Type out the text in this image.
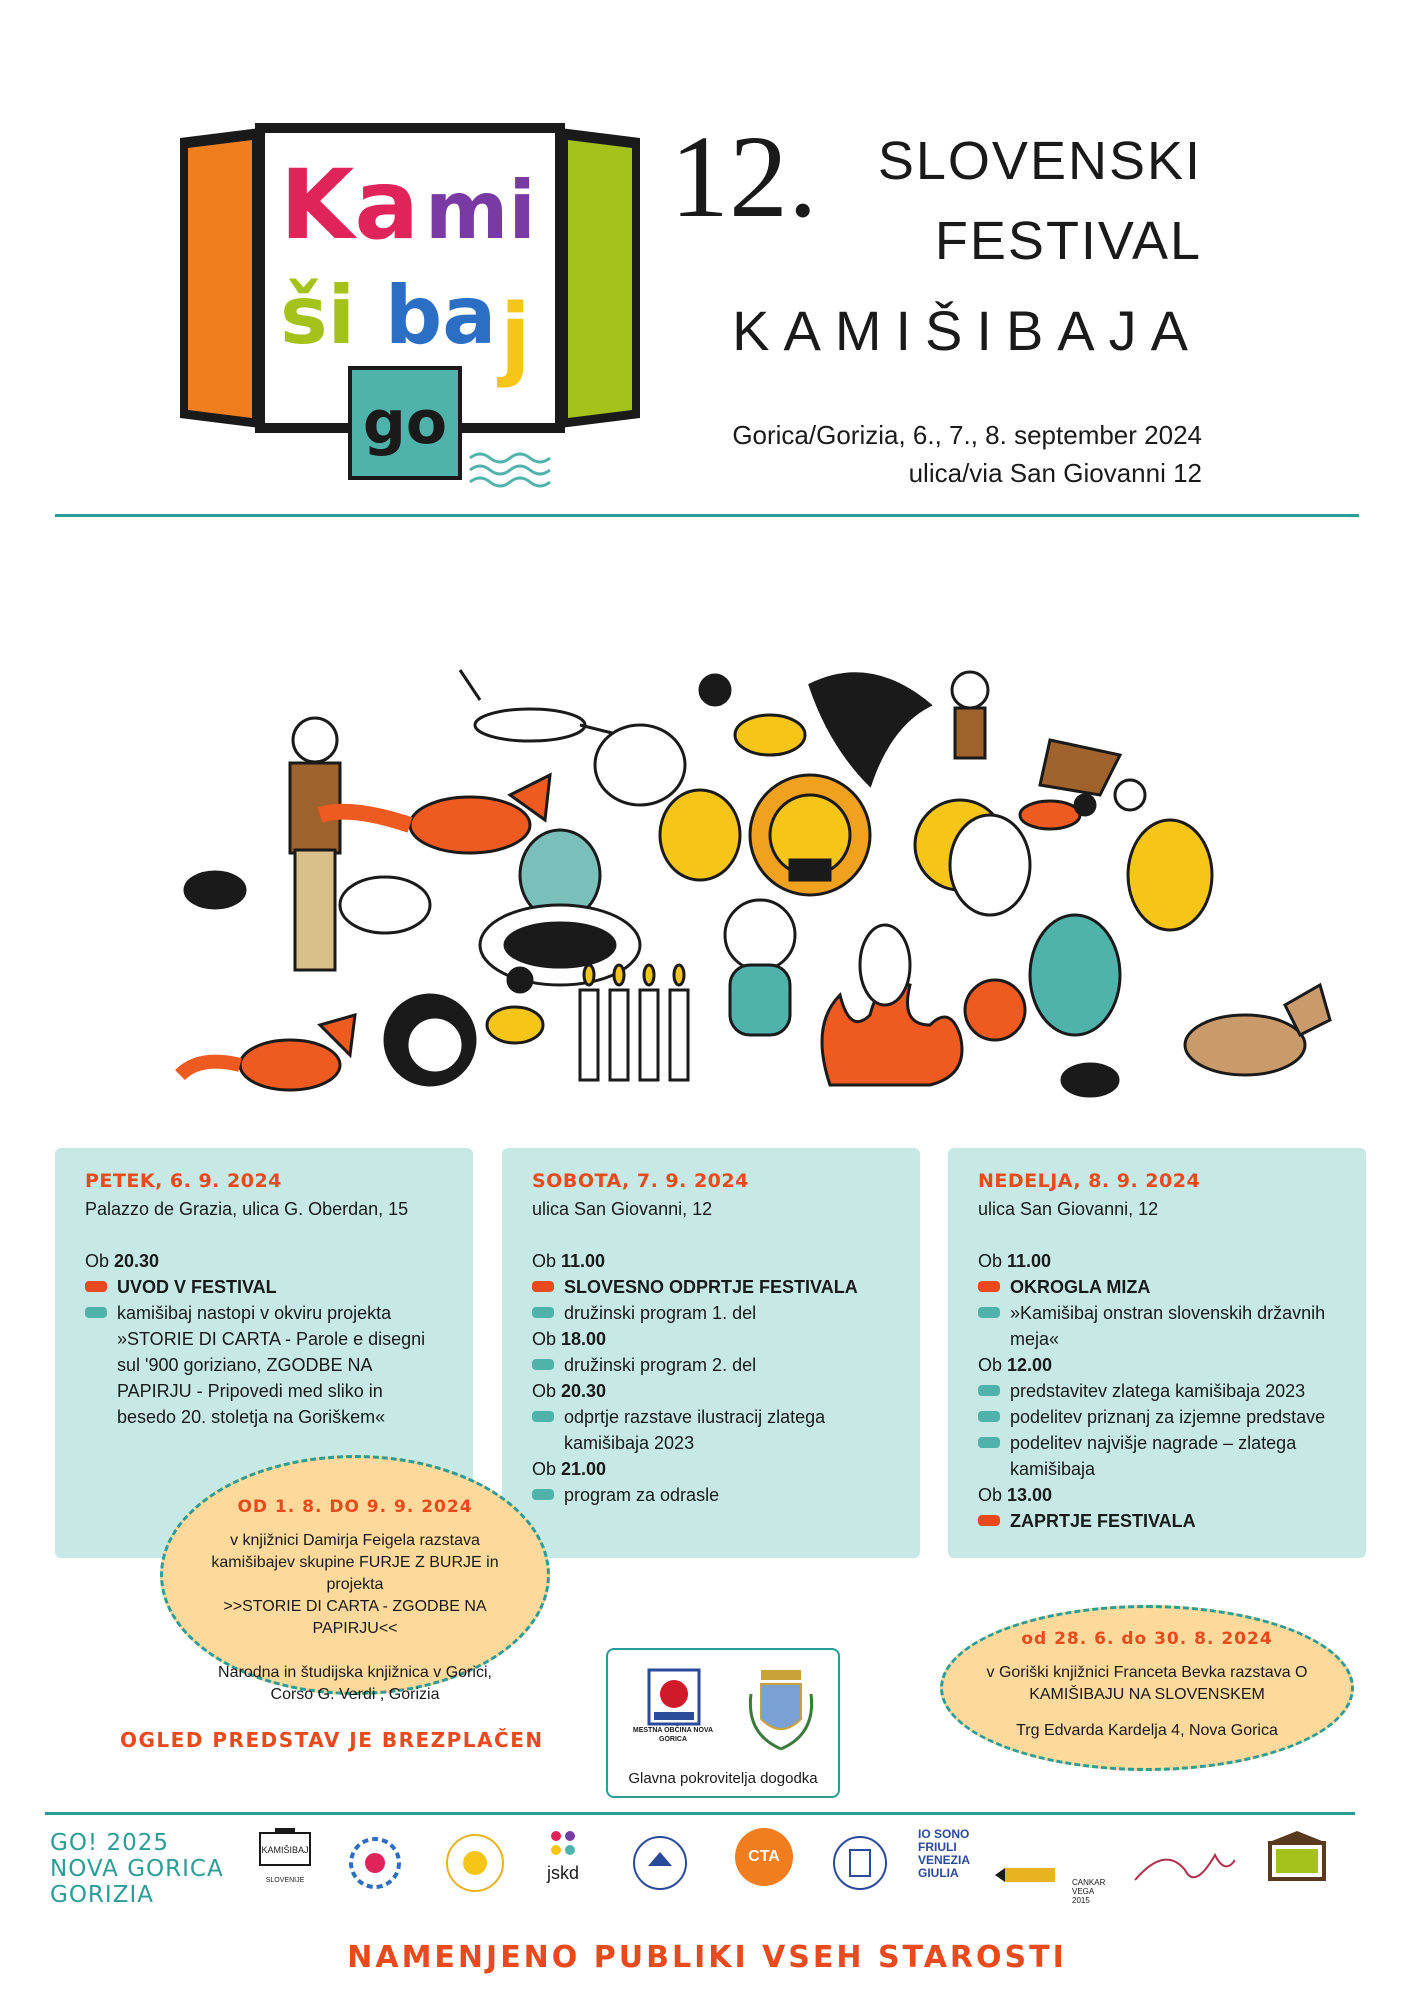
go
Ka mi
ši ba j
12.	SLOVENSKI
FESTIVAL
KAMIŠIBAJA
Gorica/Gorizia, 6., 7., 8. september 2024
ulica/via San Giovanni 12
PETEK, 6. 9. 2024
Palazzo de Grazia, ulica G. Oberdan, 15
Ob 20.30
UVOD V FESTIVAL
kamišibaj nastopi v okviru projekta »STORIE DI CARTA - Parole e disegni sul '900 goriziano, ZGODBE NA PAPIRJU - Pripovedi med sliko in besedo 20. stoletja na Goriškem«
SOBOTA, 7. 9. 2024
ulica San Giovanni, 12
Ob 11.00
SLOVESNO ODPRTJE FESTIVALA
družinski program 1. del
Ob 18.00
družinski program 2. del
Ob 20.30
odprtje razstave ilustracij zlatega kamišibaja 2023
Ob 21.00
program za odrasle
NEDELJA, 8. 9. 2024
ulica San Giovanni, 12
Ob 11.00
OKROGLA MIZA
»Kamišibaj onstran slovenskih državnih meja«
Ob 12.00
predstavitev zlatega kamišibaja 2023
podelitev priznanj za izjemne predstave
podelitev najvišje nagrade – zlatega kamišibaja
Ob 13.00
ZAPRTJE FESTIVALA
OD 1. 8. DO 9. 9. 2024
v knjižnici Damirja Feigela razstava kamišibajev skupine FURJE Z BURJE in projekta
>>STORIE DI CARTA - ZGODBE NA PAPIRJU<<
Narodna in študijska knjižnica v Gorici, Corso G. Verdi , Gorizia
od 28. 6. do 30. 8. 2024
v Goriški knjižnici Franceta Bevka razstava O KAMIŠIBAJU NA SLOVENSKEM
Trg Edvarda Kardelja 4, Nova Gorica
OGLED PREDSTAV JE BREZPLAČEN	MESTNA OBČINA NOVA GORICA
Glavna pokrovitelja dogodka
GO! 2025
NOVA GORICA
GORIZIA
KAMIŠIBAJ
SLOVENIJE	jskd
CTA
IO SONO
FRIULI
VENEZIA
GIULIA
CANKAR VEGA 2015
NAMENJENO PUBLIKI VSEH STAROSTI
